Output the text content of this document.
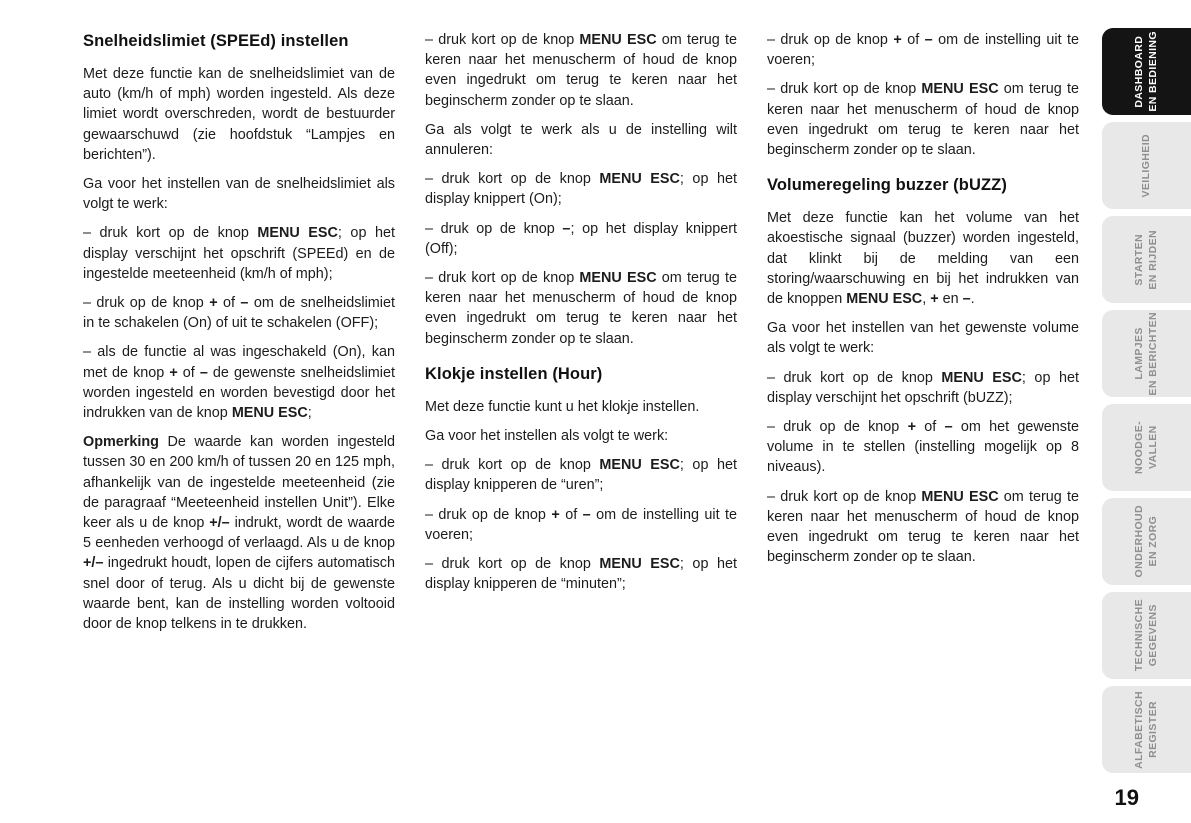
Snelheidslimiet (SPEEd) instellen

Met deze functie kan de snelheidslimiet van de auto (km/h of mph) worden ingesteld. Als deze limiet wordt overschreden, wordt de bestuurder gewaarschuwd (zie hoofdstuk “Lampjes en berichten”).

Ga voor het instellen van de snelheidslimiet als volgt te werk:

– druk kort op de knop MENU ESC; op het display verschijnt het opschrift (SPEEd) en de ingestelde meeteenheid (km/h of mph);

– druk op de knop + of – om de snelheidslimiet in te schakelen (On) of uit te schakelen (OFF);

– als de functie al was ingeschakeld (On), kan met de knop + of – de gewenste snelheidslimiet worden ingesteld en worden bevestigd door het indrukken van de knop MENU ESC;

Opmerking De waarde kan worden ingesteld tussen 30 en 200 km/h of tussen 20 en 125 mph, afhankelijk van de ingestelde meeteenheid (zie de paragraaf “Meeteenheid instellen Unit”). Elke keer als u de knop +/– indrukt, wordt de waarde 5 eenheden verhoogd of verlaagd. Als u de knop +/– ingedrukt houdt, lopen de cijfers automatisch snel door of terug. Als u dicht bij de gewenste waarde bent, kan de instelling worden voltooid door de knop telkens in te drukken.

– druk kort op de knop MENU ESC om terug te keren naar het menuscherm of houd de knop even ingedrukt om terug te keren naar het beginscherm zonder op te slaan.

Ga als volgt te werk als u de instelling wilt annuleren:

– druk kort op de knop MENU ESC; op het display knippert (On);

– druk op de knop –; op het display knippert (Off);

– druk kort op de knop MENU ESC om terug te keren naar het menuscherm of houd de knop even ingedrukt om terug te keren naar het beginscherm zonder op te slaan.

Klokje instellen (Hour)

Met deze functie kunt u het klokje instellen.

Ga voor het instellen als volgt te werk:

– druk kort op de knop MENU ESC; op het display knipperen de “uren”;

– druk op de knop + of – om de instelling uit te voeren;

– druk kort op de knop MENU ESC; op het display knipperen de “minuten”;

– druk op de knop + of – om de instelling uit te voeren;

– druk kort op de knop MENU ESC om terug te keren naar het menuscherm of houd de knop even ingedrukt om terug te keren naar het beginscherm zonder op te slaan.

Volumeregeling buzzer (bUZZ)

Met deze functie kan het volume van het akoestische signaal (buzzer) worden ingesteld, dat klinkt bij de melding van een storing/waarschuwing en bij het indrukken van de knoppen MENU ESC, + en –.

Ga voor het instellen van het gewenste volume als volgt te werk:

– druk kort op de knop MENU ESC; op het display verschijnt het opschrift (bUZZ);

– druk op de knop + of – om het gewenste volume in te stellen (instelling mogelijk op 8 niveaus).

– druk kort op de knop MENU ESC om terug te keren naar het menuscherm of houd de knop even ingedrukt om terug te keren naar het beginscherm zonder op te slaan.

DASHBOARD EN BEDIENING
VEILIGHEID
STARTEN EN RIJDEN
LAMPJES EN BERICHTEN
NOODGE- VALLEN
ONDERHOUD EN ZORG
TECHNISCHE GEGEVENS
ALFABETISCH REGISTER
19
